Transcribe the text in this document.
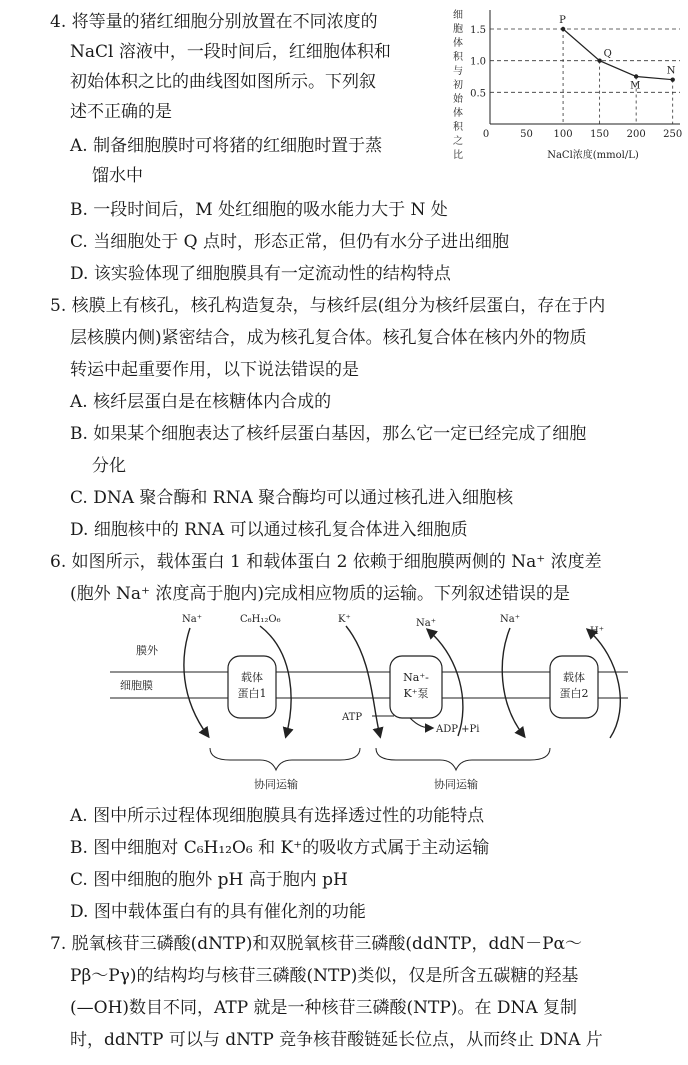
4. 将等量的猪红细胞分别放置在不同浓度的
NaCl 溶液中，一段时间后，红细胞体积和
初始体积之比的曲线图如图所示。下列叙
述不正确的是
A. 制备细胞膜时可将猪的红细胞时置于蒸
馏水中
B. 一段时间后，M 处红细胞的吸水能力大于 N 处
C. 当细胞处于 Q 点时，形态正常，但仍有水分子进出细胞
D. 该实验体现了细胞膜具有一定流动性的结构特点
细
胞
体
积
与
初
始
体
积
之
比
0.5
1.0
1.5
0	50 100 150 200 250
P
Q
M
N
NaCl浓度(mmol/L)
5. 核膜上有核孔，核孔构造复杂，与核纤层(组分为核纤层蛋白，存在于内
层核膜内侧)紧密结合，成为核孔复合体。核孔复合体在核内外的物质
转运中起重要作用，以下说法错误的是
A. 核纤层蛋白是在核糖体内合成的
B. 如果某个细胞表达了核纤层蛋白基因，那么它一定已经完成了细胞
分化
C. DNA 聚合酶和 RNA 聚合酶均可以通过核孔进入细胞核
D. 细胞核中的 RNA 可以通过核孔复合体进入细胞质
6. 如图所示，载体蛋白 1 和载体蛋白 2 依赖于细胞膜两侧的 Na⁺ 浓度差
(胞外 Na⁺ 浓度高于胞内)完成相应物质的运输。下列叙述错误的是
膜外
细胞膜
载体
蛋白1
Na⁺-
K⁺泵
载体
蛋白2
Na⁺	C₆H₁₂O₆	K⁺	Na⁺	Na⁺
H⁺
ATP
ADP +Pi
协同运输	协同运输
A. 图中所示过程体现细胞膜具有选择透过性的功能特点
B. 图中细胞对 C₆H₁₂O₆ 和 K⁺的吸收方式属于主动运输
C. 图中细胞的胞外 pH 高于胞内 pH
D. 图中载体蛋白有的具有催化剂的功能
7. 脱氧核苷三磷酸(dNTP)和双脱氧核苷三磷酸(ddNTP，ddN－Pα～
Pβ～Pγ)的结构均与核苷三磷酸(NTP)类似，仅是所含五碳糖的羟基
(—OH)数目不同，ATP 就是一种核苷三磷酸(NTP)。在 DNA 复制
时，ddNTP 可以与 dNTP 竞争核苷酸链延长位点，从而终止 DNA 片
